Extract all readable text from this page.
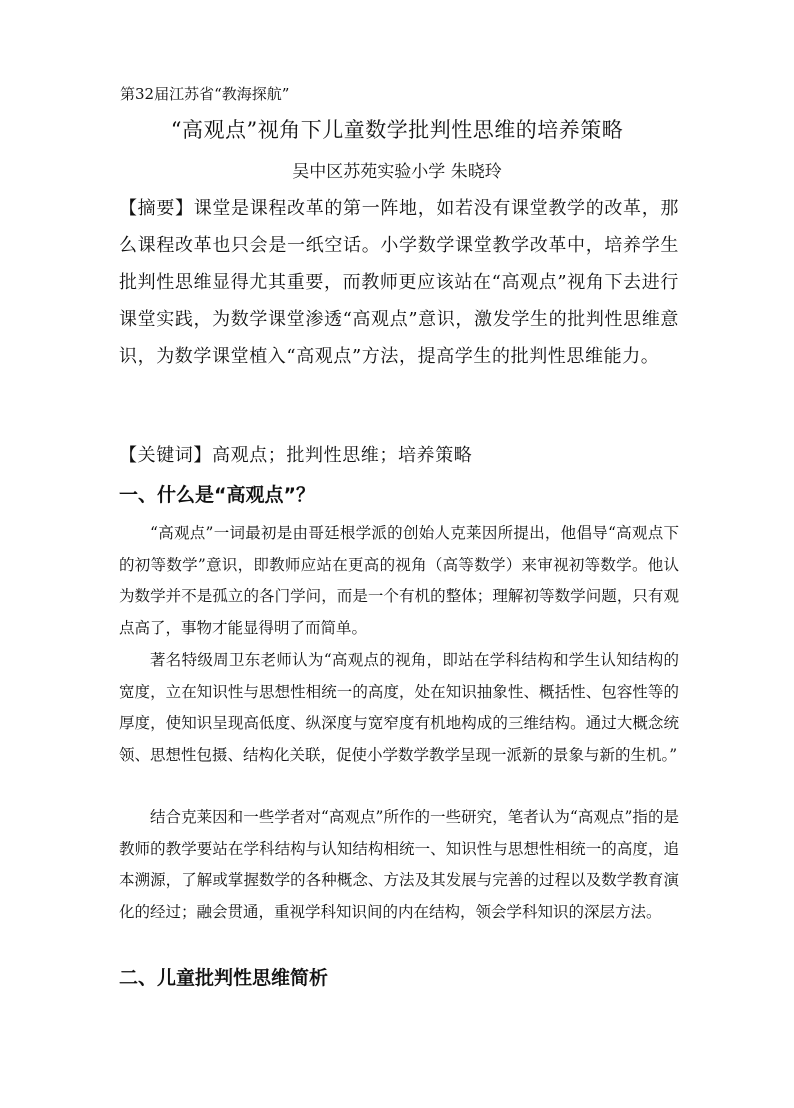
第32届江苏省“教海探航”
“高观点”视角下儿童数学批判性思维的培养策略
吴中区苏苑实验小学 朱晓玲

【摘要】课堂是课程改革的第一阵地，如若没有课堂教学的改革，那么课程改革也只会是一纸空话。小学数学课堂教学改革中，培养学生批判性思维显得尤其重要，而教师更应该站在“高观点”视角下去进行课堂实践，为数学课堂渗透“高观点”意识，激发学生的批判性思维意识，为数学课堂植入“高观点”方法，提高学生的批判性思维能力。

【关键词】高观点；批判性思维；培养策略

一、什么是“高观点”？

“高观点”一词最初是由哥廷根学派的创始人克莱因所提出，他倡导“高观点下的初等数学”意识，即教师应站在更高的视角（高等数学）来审视初等数学。他认为数学并不是孤立的各门学问，而是一个有机的整体；理解初等数学问题，只有观点高了，事物才能显得明了而简单。

著名特级周卫东老师认为“高观点的视角，即站在学科结构和学生认知结构的宽度，立在知识性与思想性相统一的高度，处在知识抽象性、概括性、包容性等的厚度，使知识呈现高低度、纵深度与宽窄度有机地构成的三维结构。通过大概念统领、思想性包摄、结构化关联，促使小学数学教学呈现一派新的景象与新的生机。”

结合克莱因和一些学者对“高观点”所作的一些研究，笔者认为“高观点”指的是教师的教学要站在学科结构与认知结构相统一、知识性与思想性相统一的高度，追本溯源，了解或掌握数学的各种概念、方法及其发展与完善的过程以及数学教育演化的经过；融会贯通，重视学科知识间的内在结构，领会学科知识的深层方法。

二、儿童批判性思维简析
